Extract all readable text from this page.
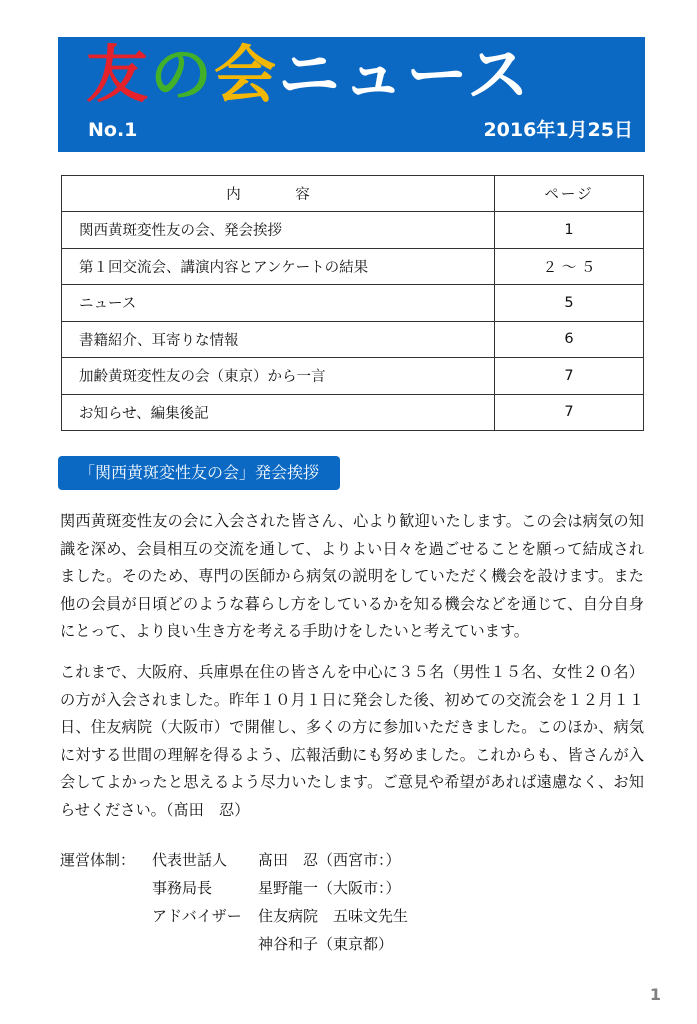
友の会ニュース
No.1	2016年1月25日
内　容	ページ
関西黄斑変性友の会、発会挨拶	1
第１回交流会、講演内容とアンケートの結果	２ ～ ５
ニュース	5
書籍紹介、耳寄りな情報	6
加齢黄斑変性友の会（東京）から一言	7
お知らせ、編集後記	7
「関西黄斑変性友の会」発会挨拶
関西黄斑変性友の会に入会された皆さん、心より歓迎いたします。この会は病気の知識を深め、会員相互の交流を通して、よりよい日々を過ごせることを願って結成されました。そのため、専門の医師から病気の説明をしていただく機会を設けます。また他の会員が日頃どのような暮らし方をしているかを知る機会などを通じて、自分自身にとって、より良い生き方を考える手助けをしたいと考えています。
これまで、大阪府、兵庫県在住の皆さんを中心に３５名（男性１５名、女性２０名）の方が入会されました。昨年１０月１日に発会した後、初めての交流会を１２月１１日、住友病院（大阪市）で開催し、多くの方に参加いただきました。このほか、病気に対する世間の理解を得るよう、広報活動にも努めました。これからも、皆さんが入会してよかったと思えるよう尽力いたします。ご意見や希望があれば遠慮なく、お知らせください。（髙田　忍）
運営体制： 代表世話人 髙田　忍（西宮市：）
事務局長	星野龍一（大阪市：）
アドバイザー 住友病院　五味文先生
神谷和子（東京都）
1
